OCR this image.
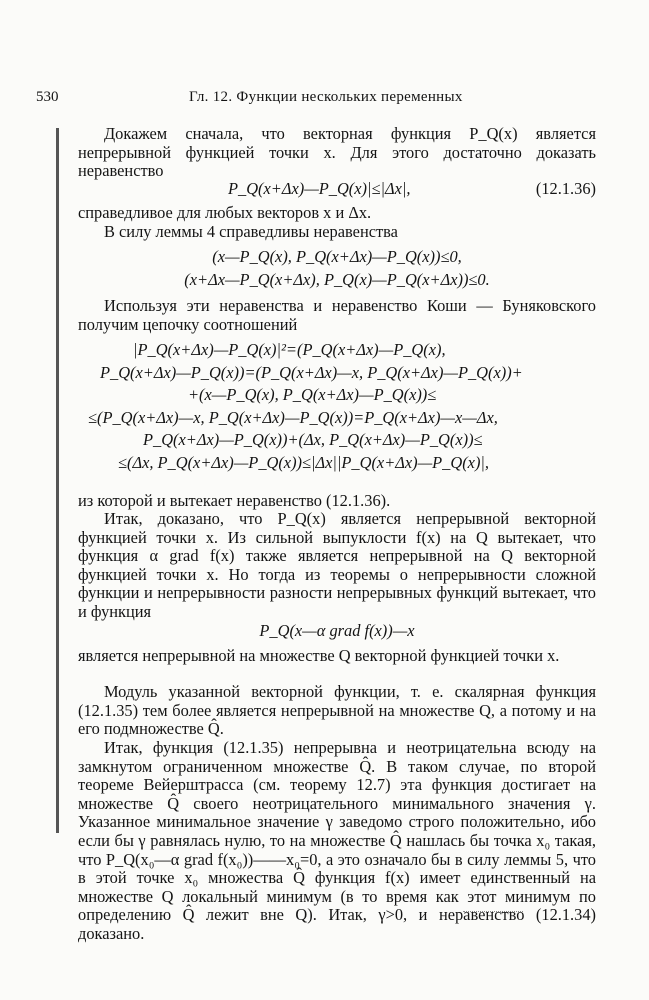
530	Гл. 12. Функции нескольких переменных

Докажем сначала, что векторная функция P_Q(x) является непрерывной функцией точки x. Для этого достаточно доказать неравенство

P_Q(x+Δx)—P_Q(x)|≤|Δx|,	(12.1.36)

справедливое для любых векторов x и Δx.

В силу леммы 4 справедливы неравенства

(x—P_Q(x), P_Q(x+Δx)—P_Q(x))≤0,

(x+Δx—P_Q(x+Δx), P_Q(x)—P_Q(x+Δx))≤0.

Используя эти неравенства и неравенство Коши — Буняковского получим цепочку соотношений

|P_Q(x+Δx)—P_Q(x)|²=(P_Q(x+Δx)—P_Q(x),

P_Q(x+Δx)—P_Q(x))=(P_Q(x+Δx)—x, P_Q(x+Δx)—P_Q(x))+

+(x—P_Q(x), P_Q(x+Δx)—P_Q(x))≤

≤(P_Q(x+Δx)—x, P_Q(x+Δx)—P_Q(x))=P_Q(x+Δx)—x—Δx,

P_Q(x+Δx)—P_Q(x))+(Δx, P_Q(x+Δx)—P_Q(x))≤

≤(Δx, P_Q(x+Δx)—P_Q(x))≤|Δx||P_Q(x+Δx)—P_Q(x)|,

из которой и вытекает неравенство (12.1.36).

Итак, доказано, что P_Q(x) является непрерывной векторной функцией точки x. Из сильной выпуклости f(x) на Q вытекает, что функция α grad f(x) также является непрерывной на Q векторной функцией точки x. Но тогда из теоремы о непрерывности сложной функции и непрерывности разности непрерывных функций вытекает, что и функция

P_Q(x—α grad f(x))—x

является непрерывной на множестве Q векторной функцией точки x.

Модуль указанной векторной функции, т. е. скалярная функция (12.1.35) тем более является непрерывной на множестве Q, а потому и на его подмножестве Q̂.

Итак, функция (12.1.35) непрерывна и неотрицательна всюду на замкнутом ограниченном множестве Q̂. В таком случае, по второй теореме Вейерштрасса (см. теорему 12.7) эта функция достигает на множестве Q̂ своего неотрицательного минимального значения γ. Указанное минимальное значение γ заведомо строго положительно, ибо если бы γ равнялась нулю, то на множестве Q̂ нашлась бы точка x₀ такая, что P_Q(x₀—α grad f(x₀))——x₀=0, а это означало бы в силу леммы 5, что в этой точке x₀ множества Q̂ функция f(x) имеет единственный на множестве Q локальный минимум (в то время как этот минимум по определению Q̂ лежит вне Q). Итак, γ>0, и неравенство (12.1.34) доказано.
